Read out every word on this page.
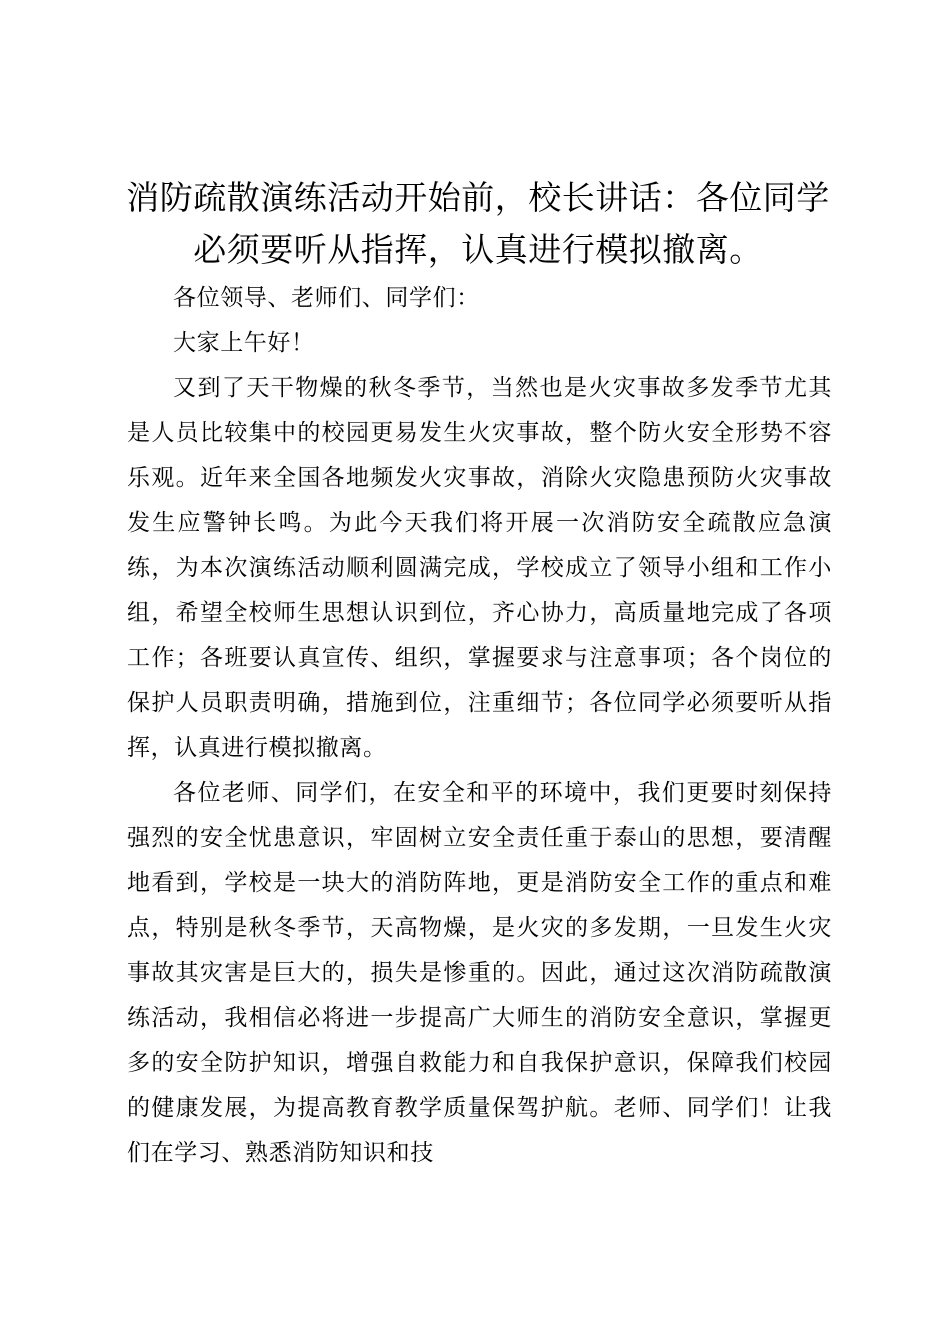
消防疏散演练活动开始前，校长讲话：各位同学必须要听从指挥，认真进行模拟撤离。

各位领导、老师们、同学们：

大家上午好！

又到了天干物燥的秋冬季节，当然也是火灾事故多发季节尤其是人员比较集中的校园更易发生火灾事故，整个防火安全形势不容乐观。近年来全国各地频发火灾事故，消除火灾隐患预防火灾事故发生应警钟长鸣。为此今天我们将开展一次消防安全疏散应急演练，为本次演练活动顺利圆满完成，学校成立了领导小组和工作小组，希望全校师生思想认识到位，齐心协力，高质量地完成了各项工作；各班要认真宣传、组织，掌握要求与注意事项；各个岗位的保护人员职责明确，措施到位，注重细节；各位同学必须要听从指挥，认真进行模拟撤离。

各位老师、同学们，在安全和平的环境中，我们更要时刻保持强烈的安全忧患意识，牢固树立安全责任重于泰山的思想，要清醒地看到，学校是一块大的消防阵地，更是消防安全工作的重点和难点，特别是秋冬季节，天高物燥，是火灾的多发期，一旦发生火灾事故其灾害是巨大的，损失是惨重的。因此，通过这次消防疏散演练活动，我相信必将进一步提高广大师生的消防安全意识，掌握更多的安全防护知识，增强自救能力和自我保护意识，保障我们校园的健康发展，为提高教育教学质量保驾护航。老师、同学们！让我们在学习、熟悉消防知识和技
